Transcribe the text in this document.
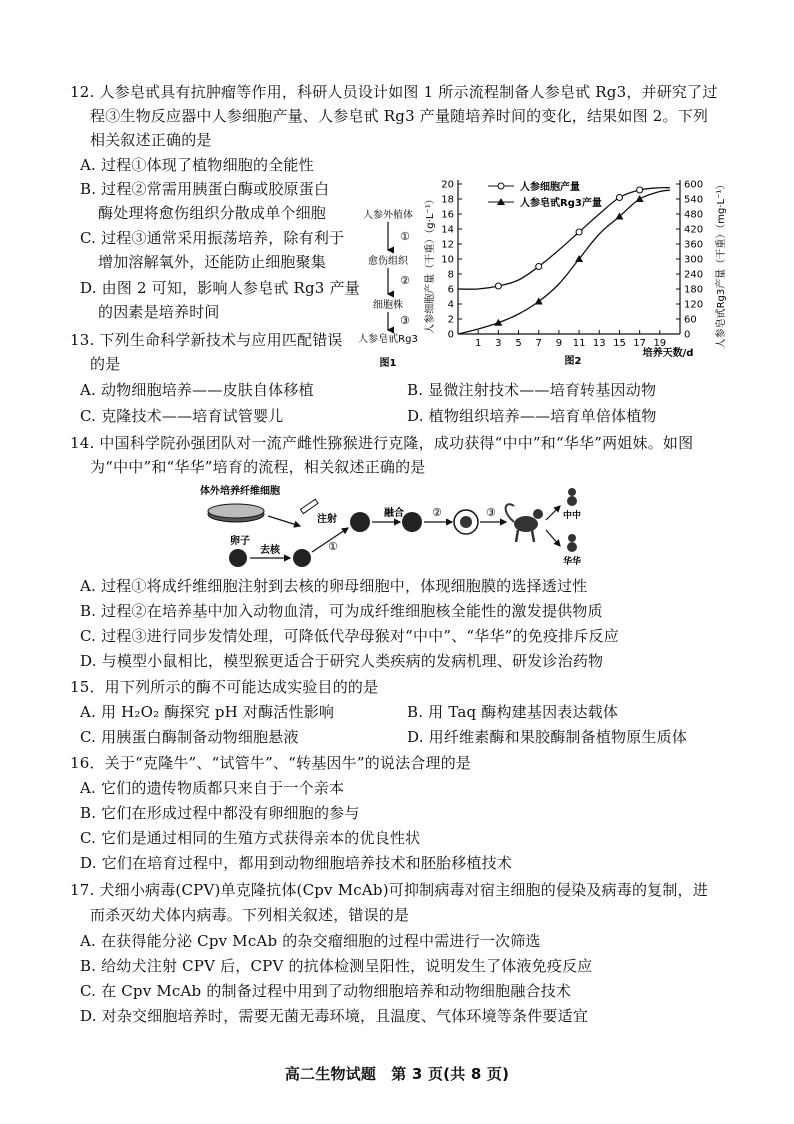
12. 人参皂甙具有抗肿瘤等作用，科研人员设计如图 1 所示流程制备人参皂甙 Rg3，并研究了过
程③生物反应器中人参细胞产量、人参皂甙 Rg3 产量随培养时间的变化，结果如图 2。下列
相关叙述正确的是
A. 过程①体现了植物细胞的全能性
B. 过程②常需用胰蛋白酶或胶原蛋白
酶处理将愈伤组织分散成单个细胞
C. 过程③通常采用振荡培养，除有利于
增加溶解氧外，还能防止细胞聚集
D. 由图 2 可知，影响人参皂甙 Rg3 产量
的因素是培养时间
人参外植体
①
愈伤组织
②
细胞株
③
人参皂甙Rg3
图1
0
2
4
6
8
10
12
14
16
18
20
0
60
120
180
240
300
360
420
480
540
600
1 3 5 7 9 11 13 15 17 19
人参细胞产量
人参皂甙Rg3产量
人参细胞产量（干重）（g·L⁻¹）	人参皂甙Rg3产量（干重）（mg·L⁻¹）
培养天数/d
图2
13. 下列生命科学新技术与应用匹配错误
的是
A. 动物细胞培养——皮肤自体移植	B. 显微注射技术——培育转基因动物
C. 克隆技术——培育试管婴儿	D. 植物组织培养——培育单倍体植物
14. 中国科学院孙强团队对一流产雌性猕猴进行克隆，成功获得“中中”和“华华”两姐妹。如图
为“中中”和“华华”培育的流程，相关叙述正确的是
体外培养纤维细胞
注射
卵子
去核	①
融合	②	③	中中
华华
A. 过程①将成纤维细胞注射到去核的卵母细胞中，体现细胞膜的选择透过性
B. 过程②在培养基中加入动物血清，可为成纤维细胞核全能性的激发提供物质
C. 过程③进行同步发情处理，可降低代孕母猴对“中中”、“华华”的免疫排斥反应
D. 与模型小鼠相比，模型猴更适合于研究人类疾病的发病机理、研发诊治药物
15．用下列所示的酶不可能达成实验目的的是
A. 用 H₂O₂ 酶探究 pH 对酶活性影响	B. 用 Taq 酶构建基因表达载体
C. 用胰蛋白酶制备动物细胞悬液	D. 用纤维素酶和果胶酶制备植物原生质体
16．关于“克隆牛”、“试管牛”、“转基因牛”的说法合理的是
A. 它们的遗传物质都只来自于一个亲本
B. 它们在形成过程中都没有卵细胞的参与
C. 它们是通过相同的生殖方式获得亲本的优良性状
D. 它们在培育过程中，都用到动物细胞培养技术和胚胎移植技术
17. 犬细小病毒(CPV)单克隆抗体(Cpv McAb)可抑制病毒对宿主细胞的侵染及病毒的复制，进
而杀灭幼犬体内病毒。下列相关叙述，错误的是
A. 在获得能分泌 Cpv McAb 的杂交瘤细胞的过程中需进行一次筛选
B. 给幼犬注射 CPV 后，CPV 的抗体检测呈阳性，说明发生了体液免疫反应
C. 在 Cpv McAb 的制备过程中用到了动物细胞培养和动物细胞融合技术
D. 对杂交细胞培养时，需要无菌无毒环境，且温度、气体环境等条件要适宜
高二生物试题　第 3 页(共 8 页)
